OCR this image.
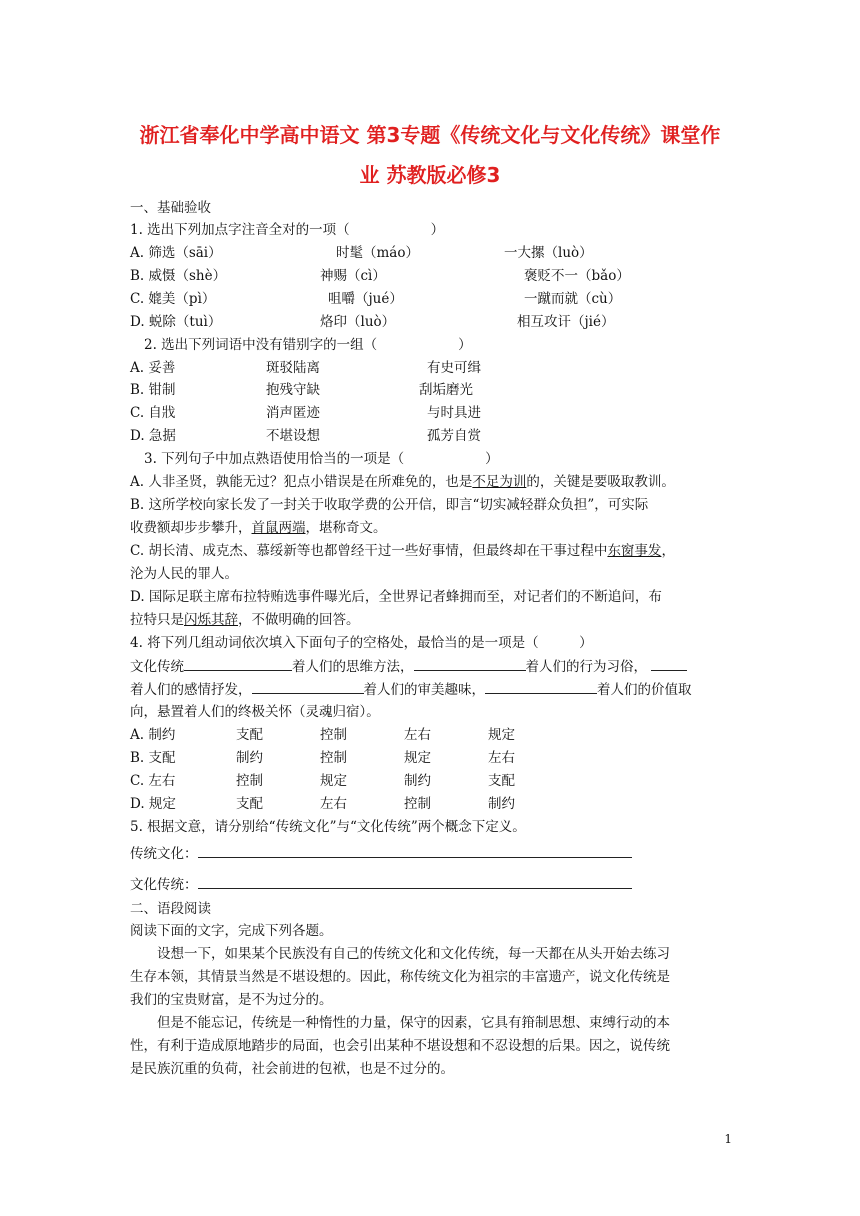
浙江省奉化中学高中语文 第3专题《传统文化与文化传统》课堂作
业 苏教版必修3
一、基础验收
1. 选出下列加点字注音全对的一项（　　　　　　）
A. 筛选（sāi）	时髦（máo）	一大摞（luò）
B. 威慑（shè）	神赐（cì）	褒贬不一（bǎo）
C. 媲美（pì）	咀嚼（jué）	一蹴而就（cù）
D. 蜕除（tuì）	烙印（luò）	相互攻讦（jié）
2. 选出下列词语中没有错别字的一组（　　　　　　）
A. 妥善	斑驳陆离	有史可缉
B. 钳制	抱残守缺	刮垢磨光
C. 自戕	消声匿迹	与时具进
D. 急据	不堪设想	孤芳自赏
3. 下列句子中加点熟语使用恰当的一项是（　　　　　　）
A. 人非圣贤，孰能无过？犯点小错误是在所难免的，也是不足为训的，关键是要吸取教训。
B. 这所学校向家长发了一封关于收取学费的公开信，即言“切实减轻群众负担”，可实际
收费额却步步攀升，首鼠两端，堪称奇文。
C. 胡长清、成克杰、慕绥新等也都曾经干过一些好事情，但最终却在干事过程中东窗事发，
沦为人民的罪人。
D. 国际足联主席布拉特贿选事件曝光后，全世界记者蜂拥而至，对记者们的不断追问，布
拉特只是闪烁其辞，不做明确的回答。
4. 将下列几组动词依次填入下面句子的空格处，最恰当的是一项是（　　　）
文化传统	着人们的思维方法，	着人们的行为习俗，
着人们的感情抒发，	着人们的审美趣味，	着人们的价值取
向，悬置着人们的终极关怀（灵魂归宿）。
A. 制约	支配	控制	左右	规定
B. 支配	制约	控制	规定	左右
C. 左右	控制	规定	制约	支配
D. 规定	支配	左右	控制	制约
5. 根据文意，请分别给“传统文化”与“文化传统”两个概念下定义。
传统文化：
文化传统：
二、语段阅读
阅读下面的文字，完成下列各题。
设想一下，如果某个民族没有自己的传统文化和文化传统，每一天都在从头开始去练习
生存本领，其情景当然是不堪设想的。因此，称传统文化为祖宗的丰富遗产，说文化传统是
我们的宝贵财富，是不为过分的。
但是不能忘记，传统是一种惰性的力量，保守的因素，它具有箝制思想、束缚行动的本
性，有利于造成原地踏步的局面，也会引出某种不堪设想和不忍设想的后果。因之，说传统
是民族沉重的负荷，社会前进的包袱，也是不过分的。
1
